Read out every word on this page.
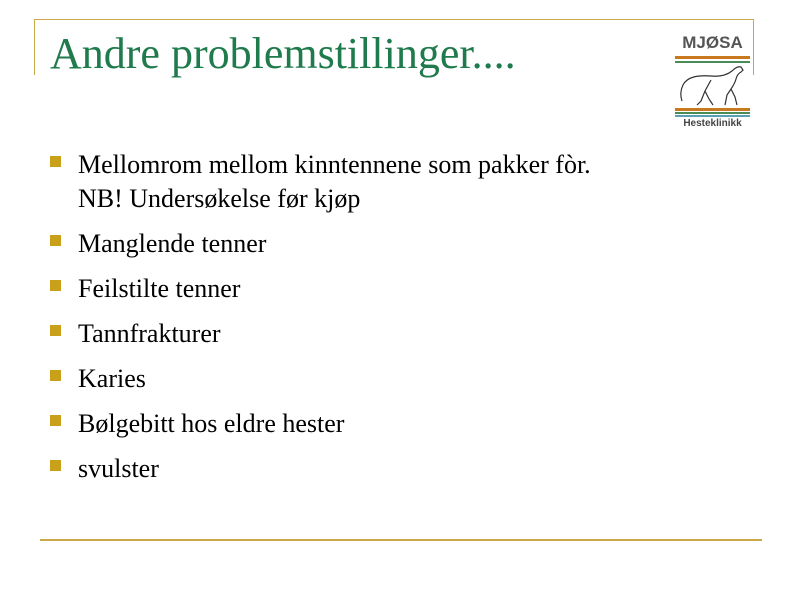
Andre problemstillinger....	MJØSA
Hesteklinikk
Mellomrom mellom kinntennene som pakker fòr.
NB! Undersøkelse før kjøp
Manglende tenner
Feilstilte tenner
Tannfrakturer
Karies
Bølgebitt hos eldre hester
svulster
